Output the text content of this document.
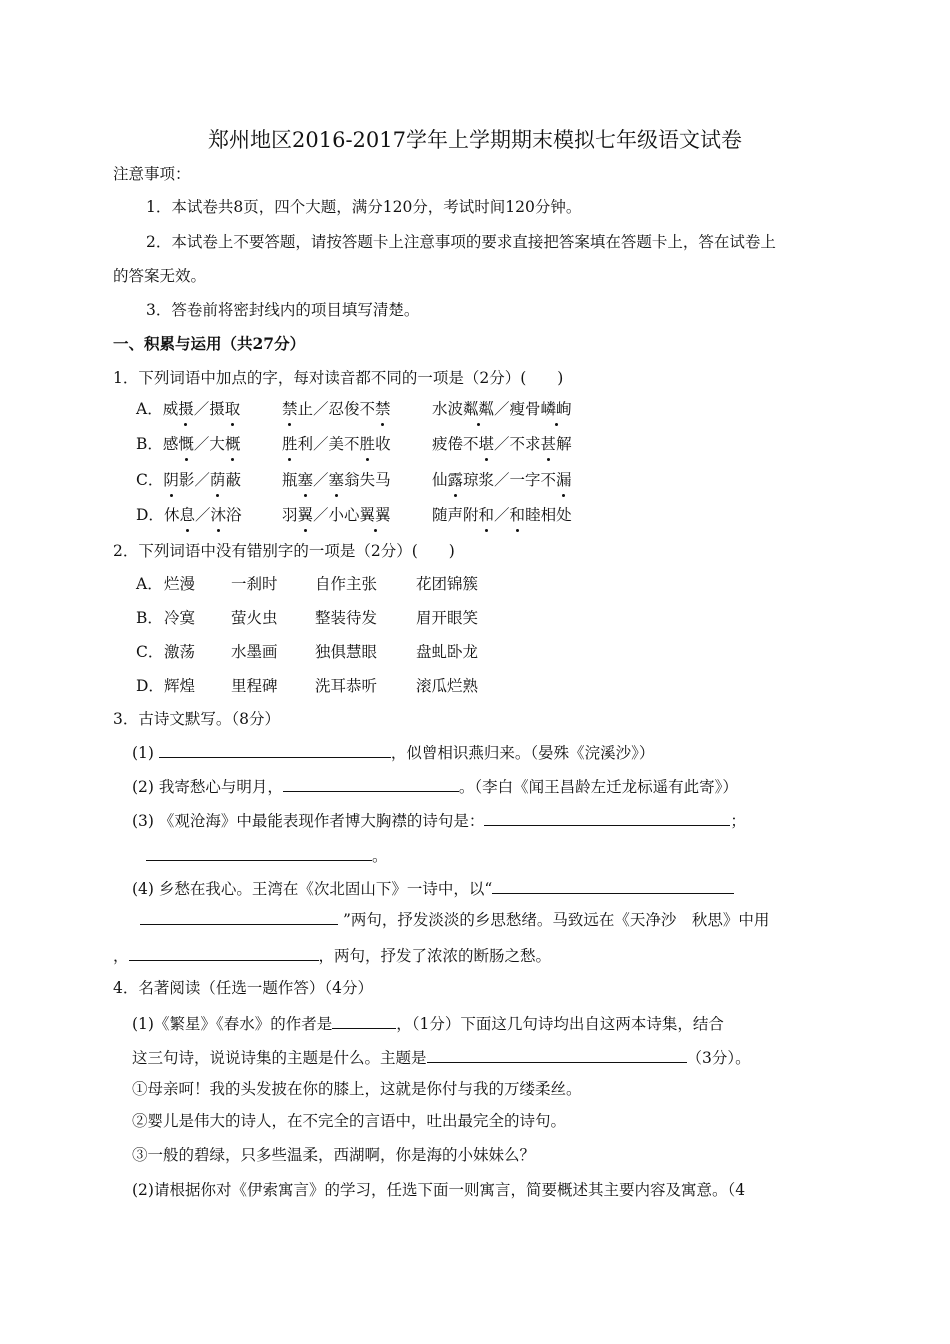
郑州地区2016-2017学年上学期期末模拟七年级语文试卷
注意事项：
1．本试卷共8页，四个大题，满分120分，考试时间120分钟。
2．本试卷上不要答题，请按答题卡上注意事项的要求直接把答案填在答题卡上，答在试卷上
的答案无效。
3．答卷前将密封线内的项目填写清楚。
一、积累与运用（共27分）
1．下列词语中加点的字，每对读音都不同的一项是（2分）(　　)
A．威摄／摄取	禁止／忍俊不禁	水波粼粼／瘦骨嶙峋
B．感慨／大概	胜利／美不胜收	疲倦不堪／不求甚解
C．阴影／荫蔽	瓶塞／塞翁失马	仙露琼浆／一字不漏
D．休息／沐浴	羽翼／小心翼翼	随声附和／和睦相处
2．下列词语中没有错别字的一项是（2分）(　　)
A． 烂漫 一刹时 自作主张	花团锦簇
B． 冷寞 萤火虫 整装待发	眉开眼笑
C． 激荡 水墨画 独俱慧眼	盘虬卧龙
D． 辉煌 里程碑 洗耳恭听	滚瓜烂熟
3．古诗文默写。（8分）
(1)	，似曾相识燕归来。（晏殊《浣溪沙》）
(2) 我寄愁心与明月，	。（李白《闻王昌龄左迁龙标遥有此寄》）
(3) 《观沧海》中最能表现作者博大胸襟的诗句是：	；
。
(4) 乡愁在我心。王湾在《次北固山下》一诗中，以“
”两句，抒发淡淡的乡思愁绪。马致远在《天净沙　秋思》中用
，	，两句，抒发了浓浓的断肠之愁。
4．名著阅读（任选一题作答）（4分）
(1)《繁星》《春水》的作者是	，（1分）下面这几句诗均出自这两本诗集，结合
这三句诗，说说诗集的主题是什么。主题是	（3分）。
①母亲呵！我的头发披在你的膝上，这就是你付与我的万缕柔丝。
②婴儿是伟大的诗人，在不完全的言语中，吐出最完全的诗句。
③一般的碧绿，只多些温柔，西湖啊，你是海的小妹妹么？
(2)请根据你对《伊索寓言》的学习，任选下面一则寓言，简要概述其主要内容及寓意。（4
